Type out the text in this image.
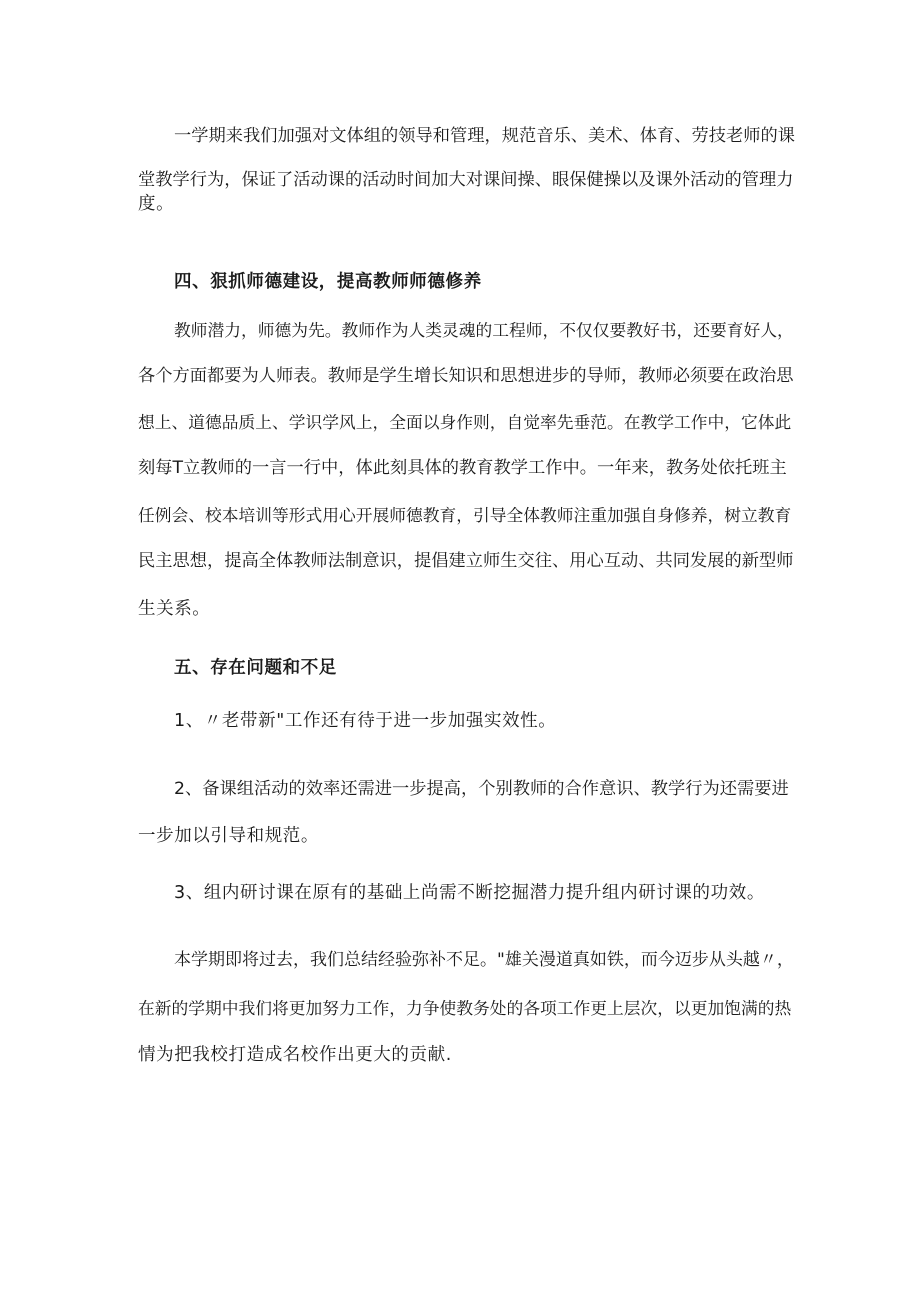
一学期来我们加强对文体组的领导和管理，规范音乐、美术、体育、劳技老师的课
堂教学行为，保证了活动课的活动时间加大对课间操、眼保健操以及课外活动的管理力
度。
四、狠抓师德建设，提高教师师德修养
教师潜力，师德为先。教师作为人类灵魂的工程师，不仅仅要教好书，还要育好人，
各个方面都要为人师表。教师是学生增长知识和思想进步的导师，教师必须要在政治思
想上、道德品质上、学识学风上，全面以身作则，自觉率先垂范。在教学工作中，它体此
刻每T立教师的一言一行中，体此刻具体的教育教学工作中。一年来，教务处依托班主
任例会、校本培训等形式用心开展师德教育，引导全体教师注重加强自身修养，树立教育
民主思想，提高全体教师法制意识，提倡建立师生交往、用心互动、共同发展的新型师
生关系。
五、存在问题和不足
1、〃老带新"工作还有待于进一步加强实效性。
2、备课组活动的效率还需进一步提高，个别教师的合作意识、教学行为还需要进
一步加以引导和规范。
3、组内研讨课在原有的基础上尚需不断挖掘潜力提升组内研讨课的功效。
本学期即将过去，我们总结经验弥补不足。"雄关漫道真如铁，而今迈步从头越〃，
在新的学期中我们将更加努力工作，力争使教务处的各项工作更上层次，以更加饱满的热
情为把我校打造成名校作出更大的贡献.
